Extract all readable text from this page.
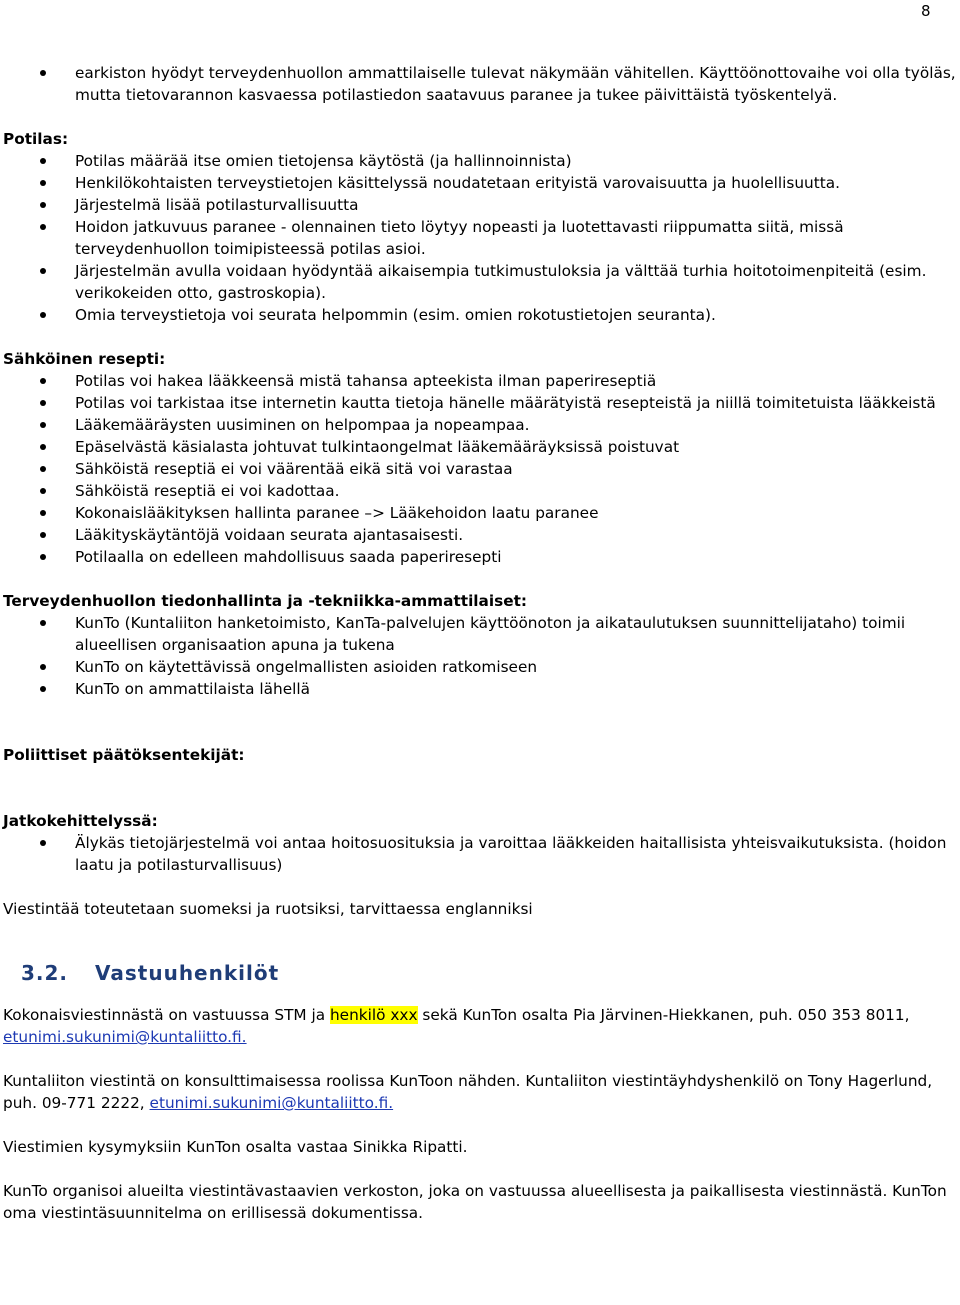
8
earkiston hyödyt terveydenhuollon ammattilaiselle tulevat näkymään vähitellen. Käyttöönottovaihe voi olla työläs, mutta tietovarannon kasvaessa potilastiedon saatavuus paranee ja tukee päivittäistä työskentelyä.
Potilas:
Potilas määrää itse omien tietojensa käytöstä (ja hallinnoinnista)
Henkilökohtaisten terveystietojen käsittelyssä noudatetaan erityistä varovaisuutta ja huolellisuutta.
Järjestelmä lisää potilasturvallisuutta
Hoidon jatkuvuus paranee - olennainen tieto löytyy nopeasti ja luotettavasti riippumatta siitä, missä terveydenhuollon toimipisteessä potilas asioi.
Järjestelmän avulla voidaan hyödyntää aikaisempia tutkimustuloksia ja välttää turhia hoitotoimenpiteitä (esim. verikokeiden otto, gastroskopia).
Omia terveystietoja voi seurata helpommin (esim. omien rokotustietojen seuranta).
Sähköinen resepti:
Potilas voi hakea lääkkeensä mistä tahansa apteekista ilman paperireseptiä
Potilas voi tarkistaa itse internetin kautta tietoja hänelle määrätyistä resepteistä ja niillä toimitetuista lääkkeistä
Lääkemääräysten uusiminen on helpompaa ja nopeampaa.
Epäselvästä käsialasta johtuvat tulkintaongelmat lääkemääräyksissä poistuvat
Sähköistä reseptiä ei voi väärentää eikä sitä voi varastaa
Sähköistä reseptiä ei voi kadottaa.
Kokonaislääkityksen hallinta paranee –> Lääkehoidon laatu paranee
Lääkityskäytäntöjä voidaan seurata ajantasaisesti.
Potilaalla on edelleen mahdollisuus saada paperiresepti
Terveydenhuollon tiedonhallinta ja -tekniikka-ammattilaiset:
KunTo (Kuntaliiton hanketoimisto, KanTa-palvelujen käyttöönoton ja aikataulutuksen suunnittelijataho) toimii alueellisen organisaation apuna ja tukena
KunTo on käytettävissä ongelmallisten asioiden ratkomiseen
KunTo on ammattilaista lähellä
Poliittiset päätöksentekijät:
Jatkokehittelyssä:
Älykäs tietojärjestelmä voi antaa hoitosuosituksia ja varoittaa lääkkeiden haitallisista yhteisvaikutuksista. (hoidon laatu ja potilasturvallisuus)

Viestintää toteutetaan suomeksi ja ruotsiksi, tarvittaessa englanniksi

3.2. Vastuuhenkilöt

Kokonaisviestinnästä on vastuussa STM ja henkilö xxx sekä KunTon osalta Pia Järvinen-Hiekkanen, puh. 050 353 8011, etunimi.sukunimi@kuntaliitto.fi.

Kuntaliiton viestintä on konsulttimaisessa roolissa KunToon nähden. Kuntaliiton viestintäyhdyshenkilö on Tony Hagerlund, puh. 09-771 2222, etunimi.sukunimi@kuntaliitto.fi.

Viestimien kysymyksiin KunTon osalta vastaa Sinikka Ripatti.

KunTo organisoi alueilta viestintävastaavien verkoston, joka on vastuussa alueellisesta ja paikallisesta viestinnästä. KunTon oma viestintäsuunnitelma on erillisessä dokumentissa.
